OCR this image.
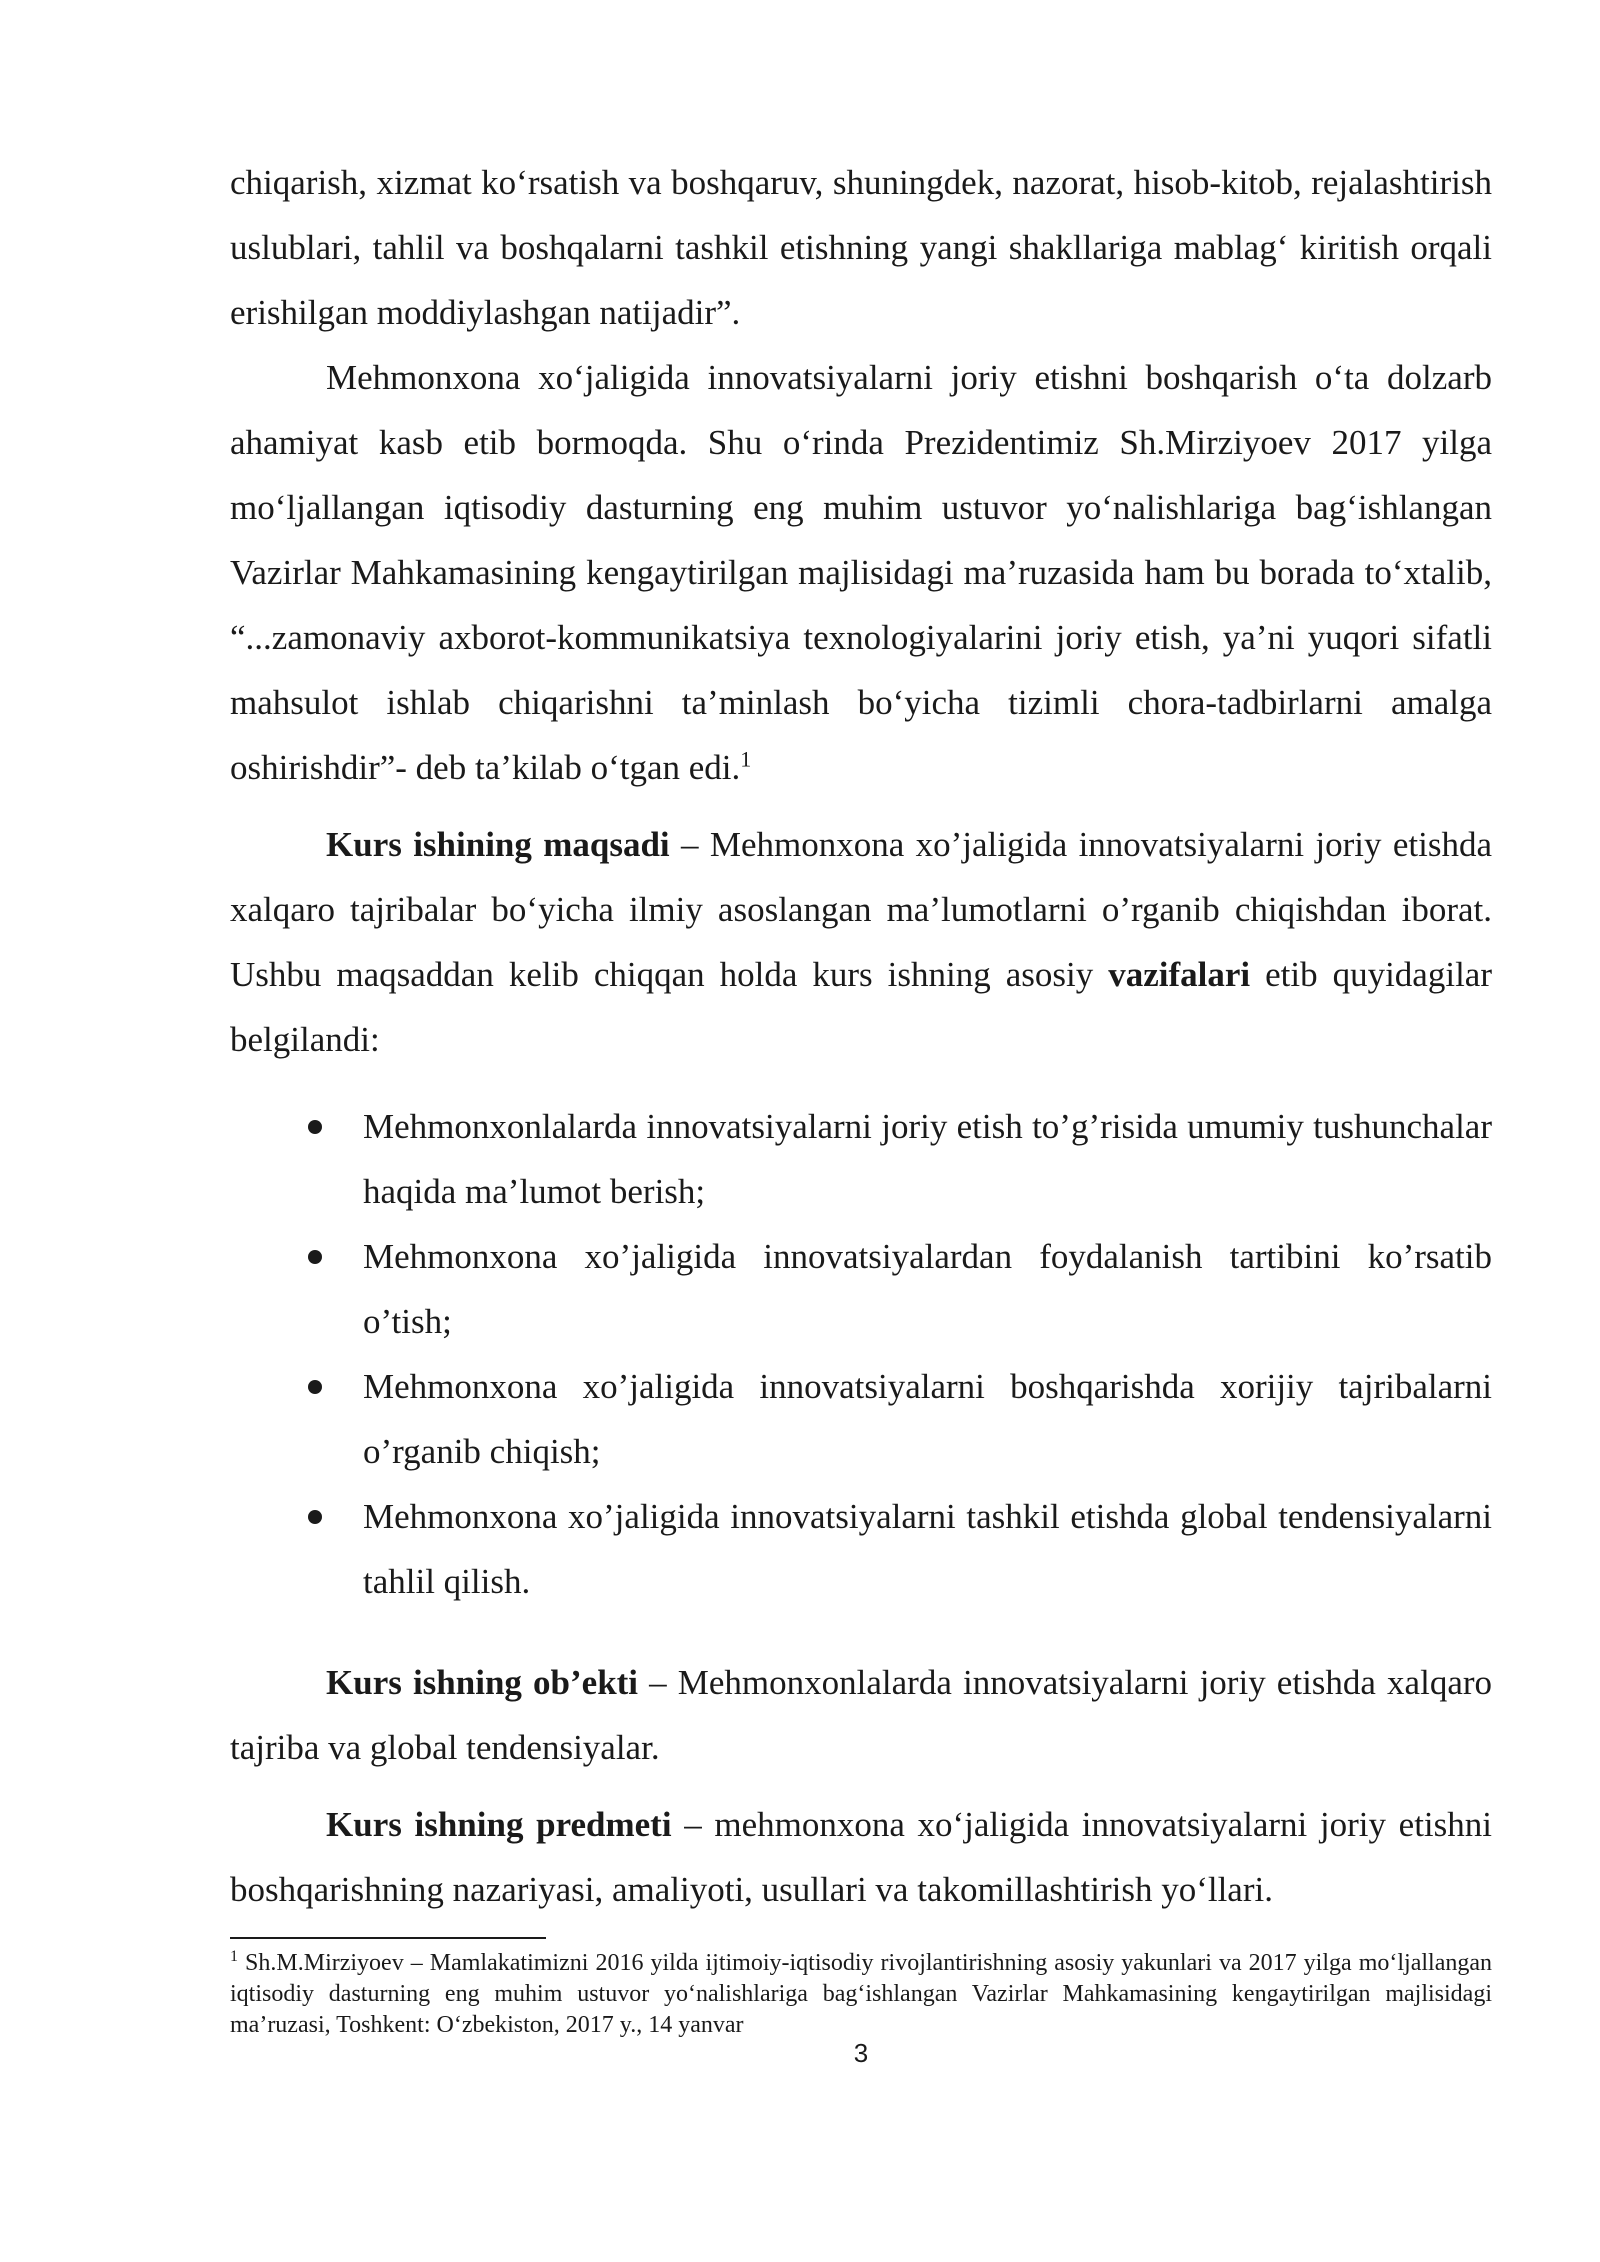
chiqarish, xizmat ko‘rsatish va boshqaruv, shuningdek, nazorat, hisob-kitob, rejalashtirish uslublari, tahlil va boshqalarni tashkil etishning yangi shakllariga mablag‘ kiritish orqali erishilgan moddiylashgan natijadir”.

Mehmonxona xo‘jaligida innovatsiyalarni joriy etishni boshqarish o‘ta dolzarb ahamiyat kasb etib bormoqda. Shu o‘rinda Prezidentimiz Sh.Mirziyoev 2017 yilga mo‘ljallangan iqtisodiy dasturning eng muhim ustuvor yo‘nalishlariga bag‘ishlangan Vazirlar Mahkamasining kengaytirilgan majlisidagi ma’ruzasida ham bu borada to‘xtalib, “...zamonaviy axborot-kommunikatsiya texnologiyalarini joriy etish, ya’ni yuqori sifatli mahsulot ishlab chiqarishni ta’minlash bo‘yicha tizimli chora-tadbirlarni amalga oshirishdir”- deb ta’kilab o‘tgan edi.$^1$

Kurs ishining maqsadi – Mehmonxona xo’jaligida innovatsiyalarni joriy etishda xalqaro tajribalar bo‘yicha ilmiy asoslangan ma’lumotlarni o’rganib chiqishdan iborat. Ushbu maqsaddan kelib chiqqan holda kurs ishning asosiy vazifalari etib quyidagilar belgilandi:

Mehmonxonlalarda innovatsiyalarni joriy etish to’g’risida umumiy tushunchalar haqida ma’lumot berish;
Mehmonxona xo’jaligida innovatsiyalardan foydalanish tartibini ko’rsatib o’tish;
Mehmonxona xo’jaligida innovatsiyalarni boshqarishda xorijiy tajribalarni o’rganib chiqish;
Mehmonxona xo’jaligida innovatsiyalarni tashkil etishda global tendensiyalarni tahlil qilish.

Kurs ishning ob’ekti – Mehmonxonlalarda innovatsiyalarni joriy etishda xalqaro tajriba va global tendensiyalar.

Kurs ishning predmeti – mehmonxona xo‘jaligida innovatsiyalarni joriy etishni boshqarishning nazariyasi, amaliyoti, usullari va takomillashtirish yo‘llari.

$^1$ Sh.M.Mirziyoev – Mamlakatimizni 2016 yilda ijtimoiy-iqtisodiy rivojlantirishning asosiy yakunlari va 2017 yilga mo‘ljallangan iqtisodiy dasturning eng muhim ustuvor yo‘nalishlariga bag‘ishlangan Vazirlar Mahkamasining kengaytirilgan majlisidagi ma’ruzasi, Toshkent: O‘zbekiston, 2017 y., 14 yanvar

3
